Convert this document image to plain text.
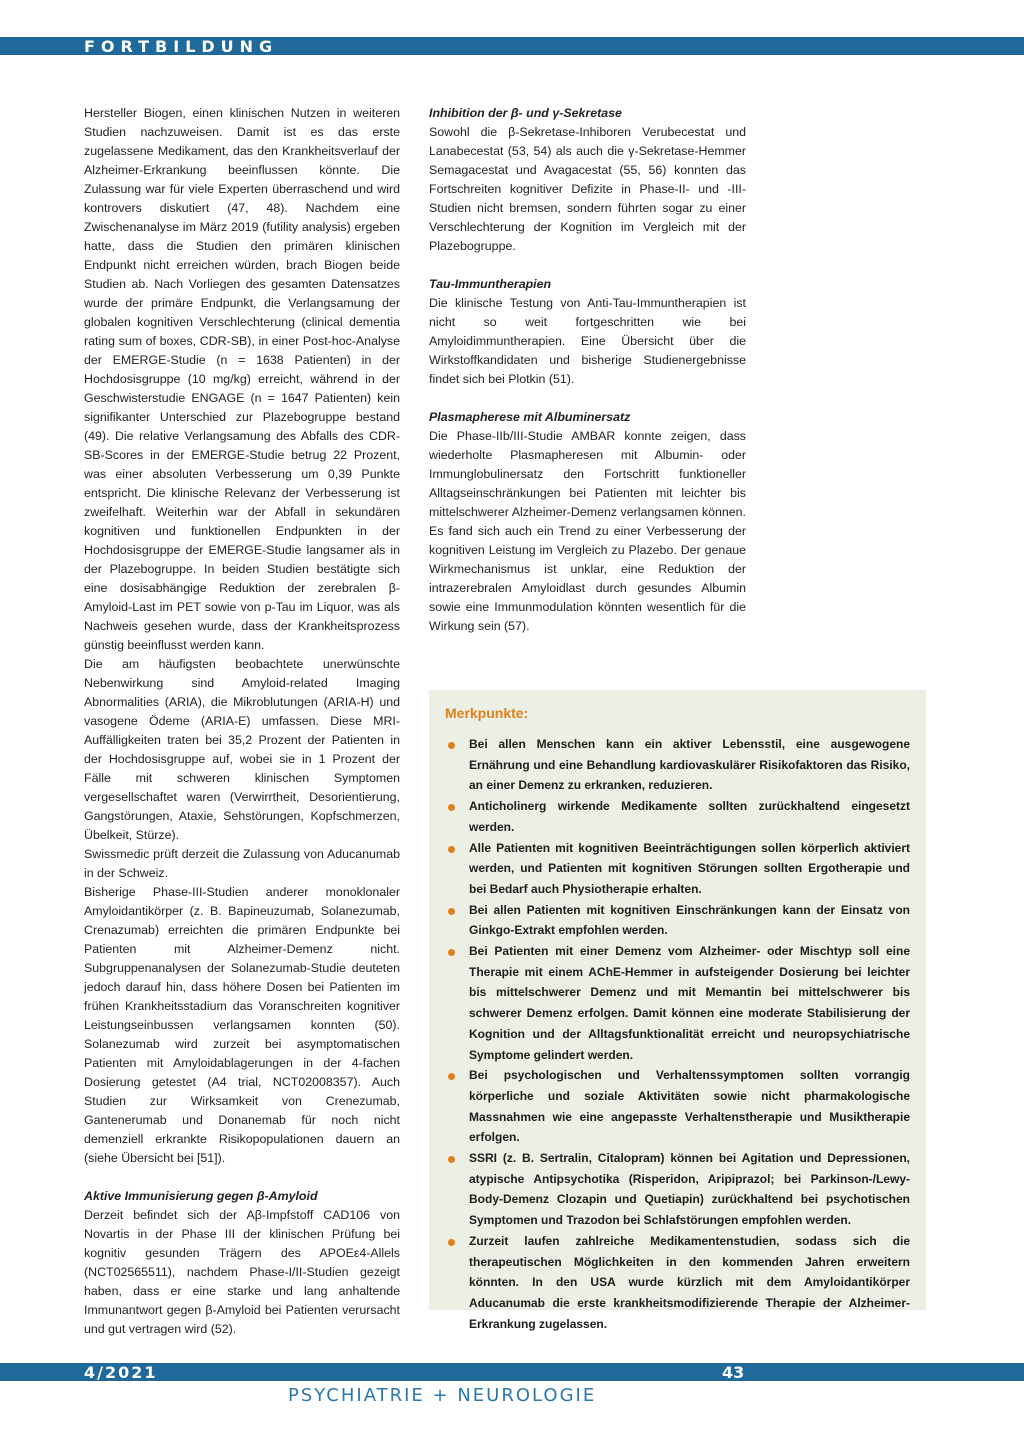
FORTBILDUNG

Hersteller Biogen, einen klinischen Nutzen in weiteren Studien nachzuweisen. Damit ist es das erste zugelassene Medikament, das den Krankheitsverlauf der Alzheimer-Erkrankung beeinflussen könnte. Die Zulassung war für viele Experten überraschend und wird kontrovers diskutiert (47, 48). Nachdem eine Zwischenanalyse im März 2019 (futility analysis) ergeben hatte, dass die Studien den primären klinischen Endpunkt nicht erreichen würden, brach Biogen beide Studien ab. Nach Vorliegen des gesamten Datensatzes wurde der primäre Endpunkt, die Verlangsamung der globalen kognitiven Verschlechterung (clinical dementia rating sum of boxes, CDR-SB), in einer Post-hoc-Analyse der EMERGE-Studie (n = 1638 Patienten) in der Hochdosisgruppe (10 mg/kg) erreicht, während in der Geschwisterstudie ENGAGE (n = 1647 Patienten) kein signifikanter Unterschied zur Plazebogruppe bestand (49). Die relative Verlangsamung des Abfalls des CDR-SB-Scores in der EMERGE-Studie betrug 22 Prozent, was einer absoluten Verbesserung um 0,39 Punkte entspricht. Die klinische Relevanz der Verbesserung ist zweifelhaft. Weiterhin war der Abfall in sekundären kognitiven und funktionellen Endpunkten in der Hochdosisgruppe der EMERGE-Studie langsamer als in der Plazebogruppe. In beiden Studien bestätigte sich eine dosisabhängige Reduktion der zerebralen β-Amyloid-Last im PET sowie von p-Tau im Liquor, was als Nachweis gesehen wurde, dass der Krankheitsprozess günstig beeinflusst werden kann.

Die am häufigsten beobachtete unerwünschte Nebenwirkung sind Amyloid-related Imaging Abnormalities (ARIA), die Mikroblutungen (ARIA-H) und vasogene Ödeme (ARIA-E) umfassen. Diese MRI-Auffälligkeiten traten bei 35,2 Prozent der Patienten in der Hochdosisgruppe auf, wobei sie in 1 Prozent der Fälle mit schweren klinischen Symptomen vergesellschaftet waren (Verwirrtheit, Desorientierung, Gangstörungen, Ataxie, Sehstörungen, Kopfschmerzen, Übelkeit, Stürze).

Swissmedic prüft derzeit die Zulassung von Aducanumab in der Schweiz.

Bisherige Phase-III-Studien anderer monoklonaler Amyloidantikörper (z. B. Bapineuzumab, Solanezumab, Crenazumab) erreichten die primären Endpunkte bei Patienten mit Alzheimer-Demenz nicht. Subgruppenanalysen der Solanezumab-Studie deuteten jedoch darauf hin, dass höhere Dosen bei Patienten im frühen Krankheitsstadium das Voranschreiten kognitiver Leistungseinbussen verlangsamen konnten (50). Solanezumab wird zurzeit bei asymptomatischen Patienten mit Amyloidablagerungen in der 4-fachen Dosierung getestet (A4 trial, NCT02008357). Auch Studien zur Wirksamkeit von Crenezumab, Gantenerumab und Donanemab für noch nicht demenziell erkrankte Risikopopulationen dauern an (siehe Übersicht bei [51]).

Aktive Immunisierung gegen β-Amyloid

Derzeit befindet sich der Aβ-Impfstoff CAD106 von Novartis in der Phase III der klinischen Prüfung bei kognitiv gesunden Trägern des APOEε4-Allels (NCT02565511), nachdem Phase-I/II-Studien gezeigt haben, dass er eine starke und lang anhaltende Immunantwort gegen β-Amyloid bei Patienten verursacht und gut vertragen wird (52).

Inhibition der β- und γ-Sekretase

Sowohl die β-Sekretase-Inhiboren Verubecestat und Lanabecestat (53, 54) als auch die γ-Sekretase-Hemmer Semagacestat und Avagacestat (55, 56) konnten das Fortschreiten kognitiver Defizite in Phase-II- und -III-Studien nicht bremsen, sondern führten sogar zu einer Verschlechterung der Kognition im Vergleich mit der Plazebogruppe.

Tau-Immuntherapien

Die klinische Testung von Anti-Tau-Immuntherapien ist nicht so weit fortgeschritten wie bei Amyloidimmuntherapien. Eine Übersicht über die Wirkstoffkandidaten und bisherige Studienergebnisse findet sich bei Plotkin (51).

Plasmapherese mit Albuminersatz

Die Phase-IIb/III-Studie AMBAR konnte zeigen, dass wiederholte Plasmapheresen mit Albumin- oder Immunglobulinersatz den Fortschritt funktioneller Alltagseinschränkungen bei Patienten mit leichter bis mittelschwerer Alzheimer-Demenz verlangsamen können. Es fand sich auch ein Trend zu einer Verbesserung der kognitiven Leistung im Vergleich zu Plazebo. Der genaue Wirkmechanismus ist unklar, eine Reduktion der intrazerebralen Amyloidlast durch gesundes Albumin sowie eine Immunmodulation könnten wesentlich für die Wirkung sein (57).

Merkpunkte:
Bei allen Menschen kann ein aktiver Lebensstil, eine ausgewogene Ernährung und eine Behandlung kardiovaskulärer Risikofaktoren das Risiko, an einer Demenz zu erkranken, reduzieren.
Anticholinerg wirkende Medikamente sollten zurückhaltend eingesetzt werden.
Alle Patienten mit kognitiven Beeinträchtigungen sollen körperlich aktiviert werden, und Patienten mit kognitiven Störungen sollten Ergotherapie und bei Bedarf auch Physiotherapie erhalten.
Bei allen Patienten mit kognitiven Einschränkungen kann der Einsatz von Ginkgo-Extrakt empfohlen werden.
Bei Patienten mit einer Demenz vom Alzheimer- oder Mischtyp soll eine Therapie mit einem AChE-Hemmer in aufsteigender Dosierung bei leichter bis mittelschwerer Demenz und mit Memantin bei mittelschwerer bis schwerer Demenz erfolgen. Damit können eine moderate Stabilisierung der Kognition und der Alltagsfunktionalität erreicht und neuropsychiatrische Symptome gelindert werden.
Bei psychologischen und Verhaltenssymptomen sollten vorrangig körperliche und soziale Aktivitäten sowie nicht pharmakologische Massnahmen wie eine angepasste Verhaltenstherapie und Musiktherapie erfolgen.
SSRI (z. B. Sertralin, Citalopram) können bei Agitation und Depressionen, atypische Antipsychotika (Risperidon, Aripiprazol; bei Parkinson-/Lewy-Body-Demenz Clozapin und Quetiapin) zurückhaltend bei psychotischen Symptomen und Trazodon bei Schlafstörungen empfohlen werden.
Zurzeit laufen zahlreiche Medikamentenstudien, sodass sich die therapeutischen Möglichkeiten in den kommenden Jahren erweitern könnten. In den USA wurde kürzlich mit dem Amyloidantikörper Aducanumab die erste krankheitsmodifizierende Therapie der Alzheimer-Erkrankung zugelassen.
4/2021	43
PSYCHIATRIE + NEUROLOGIE
